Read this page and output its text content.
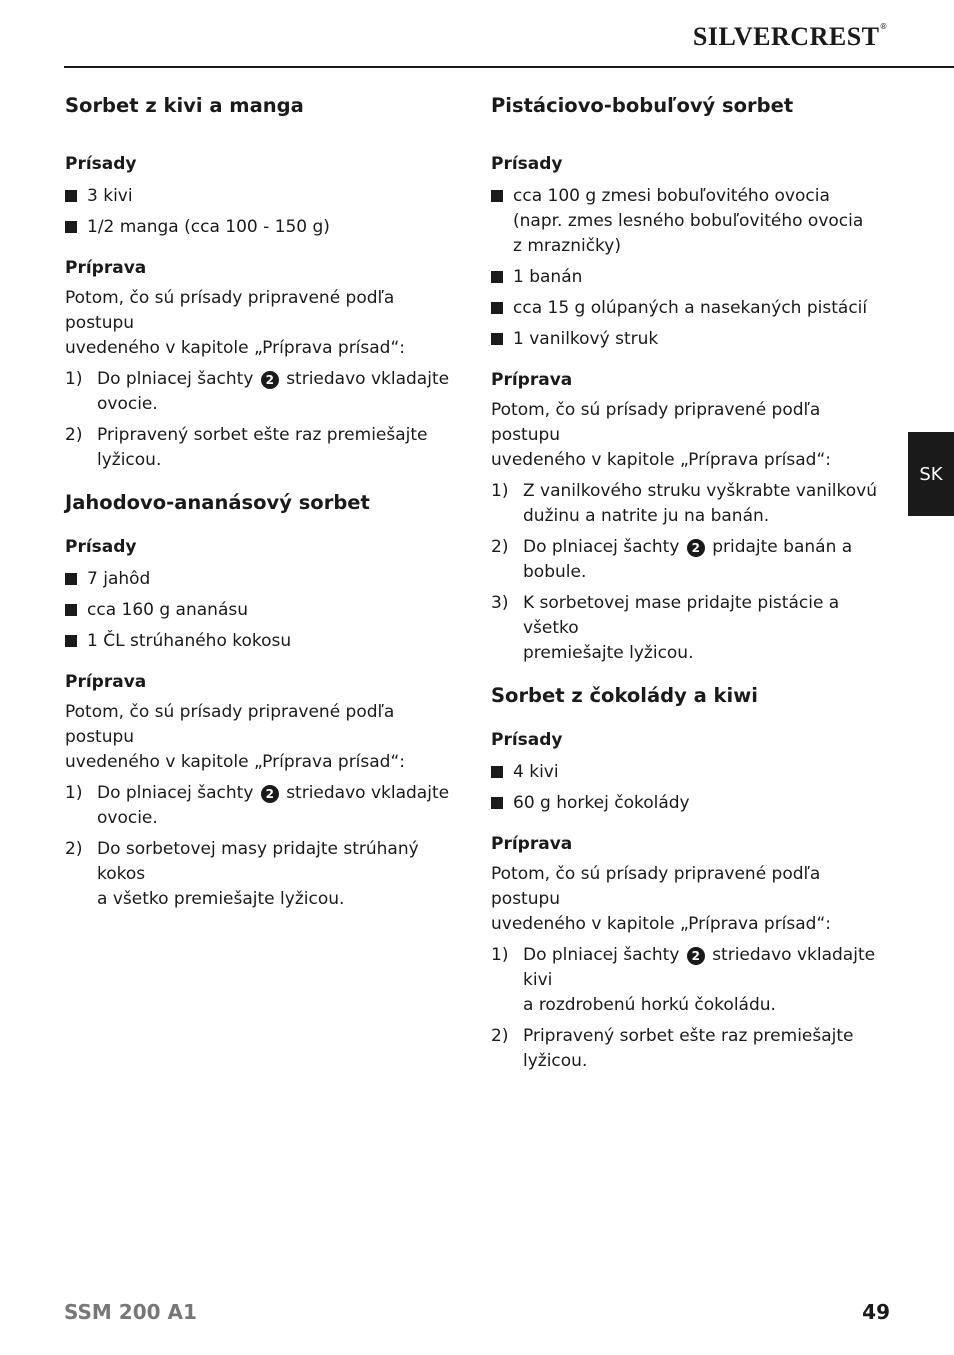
SILVERCREST®
Sorbet z kivi a manga
Prísady

3 kivi

1/2 manga (cca 100 - 150 g)

Príprava

Potom, čo sú prísady pripravené podľa postupu
uvedeného v kapitole „Príprava prísad“:

1) Do plniacej šachty 2 striedavo vkladajte
ovocie.
2) Pripravený sorbet ešte raz premiešajte lyžicou.
Jahodovo-ananásový sorbet
Prísady

7 jahôd

cca 160 g ananásu

1 ČL strúhaného kokosu

Príprava

Potom, čo sú prísady pripravené podľa postupu
uvedeného v kapitole „Príprava prísad“:

1) Do plniacej šachty 2 striedavo vkladajte
ovocie.
2) Do sorbetovej masy pridajte strúhaný kokos
a všetko premiešajte lyžicou.
Pistáciovo-bobuľový sorbet
Prísady

cca 100 g zmesi bobuľovitého ovocia
(napr. zmes lesného bobuľovitého ovocia
z mrazničky)

1 banán

cca 15 g olúpaných a nasekaných pistácií

1 vanilkový struk

Príprava

Potom, čo sú prísady pripravené podľa postupu
uvedeného v kapitole „Príprava prísad“:

1) Z vanilkového struku vyškrabte vanilkovú
dužinu a natrite ju na banán.
2) Do plniacej šachty 2 pridajte banán a bobule.
3) K sorbetovej mase pridajte pistácie a všetko
premiešajte lyžicou.
Sorbet z čokolády a kiwi
Prísady

4 kivi

60 g horkej čokolády

Príprava

Potom, čo sú prísady pripravené podľa postupu
uvedeného v kapitole „Príprava prísad“:

1) Do plniacej šachty 2 striedavo vkladajte kivi
a rozdrobenú horkú čokoládu.
2) Pripravený sorbet ešte raz premiešajte lyžicou.
SK
SSM 200 A1	49
